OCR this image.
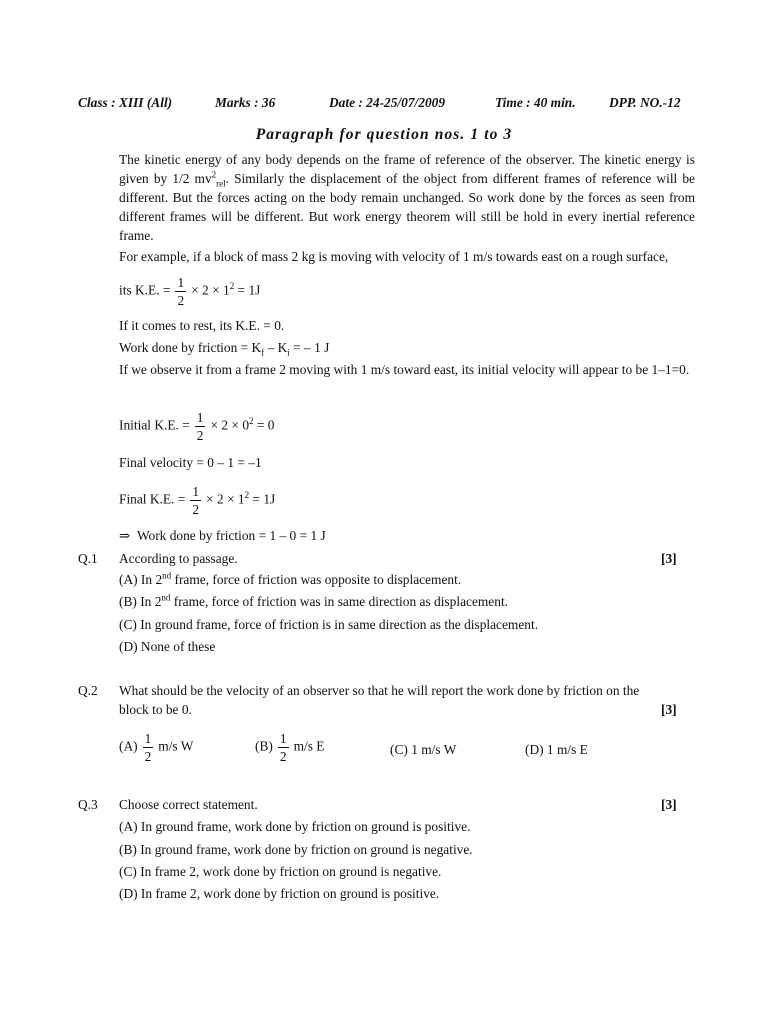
Class : XIII (All)	Marks : 36	Date : 24-25/07/2009	Time : 40 min. DPP. NO.-12
Paragraph for question nos. 1 to 3
The kinetic energy of any body depends on the frame of reference of the observer. The kinetic energy is given by 1/2 $mv^2_{rel}$. Similarly the displacement of the object from different frames of reference will be different. But the forces acting on the body remain unchanged. So work done by the forces as seen from different frames will be different. But work energy theorem will still be hold in every inertial reference frame.
For example, if a block of mass 2 kg is moving with velocity of 1 m/s towards east on a rough surface,
its K.E. = $\frac{1}{2} \times 2 \times 1^2 = 1J$
If it comes to rest, its K.E. = 0.
Work done by friction = $K_f - K_i$ = – 1 J
If we observe it from a frame 2 moving with 1 m/s toward east, its initial velocity will appear to be 1–1=0.
Initial K.E. = $\frac{1}{2} \times 2 \times 0^2 = 0$
Final velocity = 0 – 1 = –1
Final K.E. = $\frac{1}{2} \times 2 \times 1^2 = 1J$
⇒ Work done by friction = 1 – 0 = 1 J
Q.1 According to passage.	[3]
(A) In 2nd frame, force of friction was opposite to displacement.
(B) In 2nd frame, force of friction was in same direction as displacement.
(C) In ground frame, force of friction is in same direction as the displacement.
(D) None of these
Q.2 What should be the velocity of an observer so that he will report the work done by friction on the
block to be 0.	[3]
$(A) \frac{1}{2} m/s$ W	$(B) \frac{1}{2} m/s$ E	(C) 1 m/s W	(D) 1 m/s E
Q.3 Choose correct statement.	[3]
(A) In ground frame, work done by friction on ground is positive.
(B) In ground frame, work done by friction on ground is negative.
(C) In frame 2, work done by friction on ground is negative.
(D) In frame 2, work done by friction on ground is positive.
